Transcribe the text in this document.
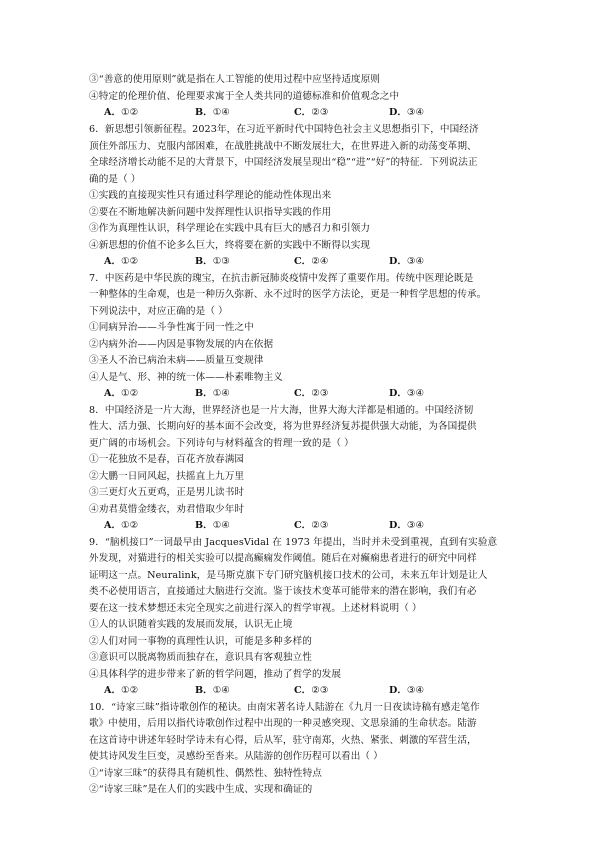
③“善意的使用原则”就是指在人工智能的使用过程中应坚持适度原则
④特定的伦理价值、伦理要求寓于全人类共同的道德标准和价值观念之中
A．①②	B．①④	C．②③	D．③④
6．新思想引领新征程。2023年，在习近平新时代中国特色社会主义思想指引下，中国经济
顶住外部压力、克服内部困难，在战胜挑战中不断发展壮大，在世界进入新的动荡变革期、
全球经济增长动能不足的大背景下，中国经济发展呈现出“稳”“进”“好”的特征．下列说法正
确的是（ ）
①实践的直接现实性只有通过科学理论的能动性体现出来
②要在不断地解决新问题中发挥理性认识指导实践的作用
③作为真理性认识，科学理论在实践中具有巨大的感召力和引领力
④新思想的价值不论多么巨大，终将要在新的实践中不断得以实现
A．①②	B．①③	C．②④	D．③④
7．中医药是中华民族的瑰宝，在抗击新冠肺炎疫情中发挥了重要作用。传统中医理论既是
一种整体的生命观，也是一种历久弥新、永不过时的医学方法论，更是一种哲学思想的传承。
下列说法中，对应正确的是（ ）
①同病异治——斗争性寓于同一性之中
②内病外治——内因是事物发展的内在依据
③圣人不治已病治未病——质量互变规律
④人是气、形、神的统一体——朴素唯物主义
A．①②	B．①④	C．②③	D．③④
8．中国经济是一片大海，世界经济也是一片大海，世界大海大洋都是相通的。中国经济韧
性大、活力强、长期向好的基本面不会改变，将为世界经济复苏提供强大动能，为各国提供
更广阔的市场机会。下列诗句与材料蕴含的哲理一致的是（ ）
①一花独放不是春，百花齐放春满园
②大鹏一日同风起，扶摇直上九万里
③三更灯火五更鸡，正是男儿读书时
④劝君莫惜金缕衣，劝君惜取少年时
A．①②	B．①④	C．②③	D．③④
9．“脑机接口”一词最早由 JacquesVidal 在 1973 年提出，当时并未受到重视，直到有实验意
外发现，对猫进行的相关实验可以提高癫痫发作阈值。随后在对癫痫患者进行的研究中同样
证明这一点。Neuralink，是马斯克旗下专门研究脑机接口技术的公司，未来五年计划是让人
类不必使用语言，直接通过大脑进行交流。鉴于该技术变革可能带来的潜在影响，我们有必
要在这一技术梦想还未完全现实之前进行深入的哲学审视。上述材料说明（ ）
①人的认识随着实践的发展而发展，认识无止境
②人们对同一事物的真理性认识，可能是多种多样的
③意识可以脱离物质而独存在，意识具有客观独立性
④具体科学的进步带来了新的哲学问题，推动了哲学的发展
A．①②	B．①④	C．②③	D．③④
10．“诗家三昧”指诗歌创作的秘诀。由南宋著名诗人陆游在《九月一日夜读诗稿有感走笔作
歌》中使用，后用以指代诗歌创作过程中出现的一种灵感突现、文思泉涌的生命状态。陆游
在这首诗中讲述年轻时学诗未有心得，后从军，驻守南郑，火热、紧张、刺激的军营生活，
使其诗风发生巨变，灵感纷至沓来。从陆游的创作历程可以看出（ ）
①“诗家三昧”的获得具有随机性、偶然性、独特性特点
②“诗家三昧”是在人们的实践中生成、实现和确证的
